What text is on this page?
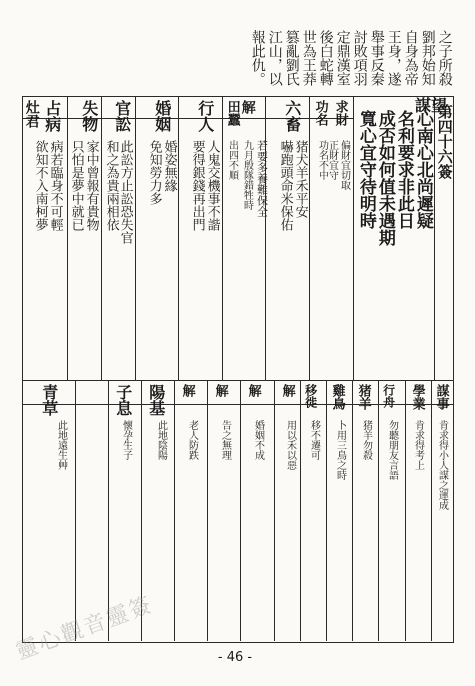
之子所殺
劉邦始知
自身為帝
王身，遂
舉事反秦
討敗項羽
定鼎漢室
後白蛇轉
世為王莽
篡亂劉氏
江山，以
報此仇。
第四十六簽
心南心北尚遲疑
名利要求非此日
成否如何值未遇期
寬心宜守待明時
謀望
求財
功名
六畜
解
田蠶
行人
婚姻
官訟
失物
占病
灶君
偏財宜切取
正財宜守
功名不中
猪犬羊禾平安
嚇跑頭命米保佑
若要多養難保全
九月殷隊錯牲時
出四不順
人鬼交機事不諧
要得銀錢再出門
婚姿無緣
免知勞力多
此訟方止訟恐失官
和之為貴兩相依
家中曾報有貴物
只怕是夢中就已
病若臨身不可輕
欲知不入南柯夢
謀事
學業
行舟
猪羊
雞鳥
移徙
解
解
解
解
陽基
子息
青草
肯求得小人謀之運成
肯求得考上
勿聽朋友言語
猪羊勿殺
卜用三鳥之時
移不遷可
用以禾以惡
婚姻不成
告之無理
老人防跌
此地陰陽
懷孕生子
此地遠生艸
- 46 -
靈心觀音靈簽
